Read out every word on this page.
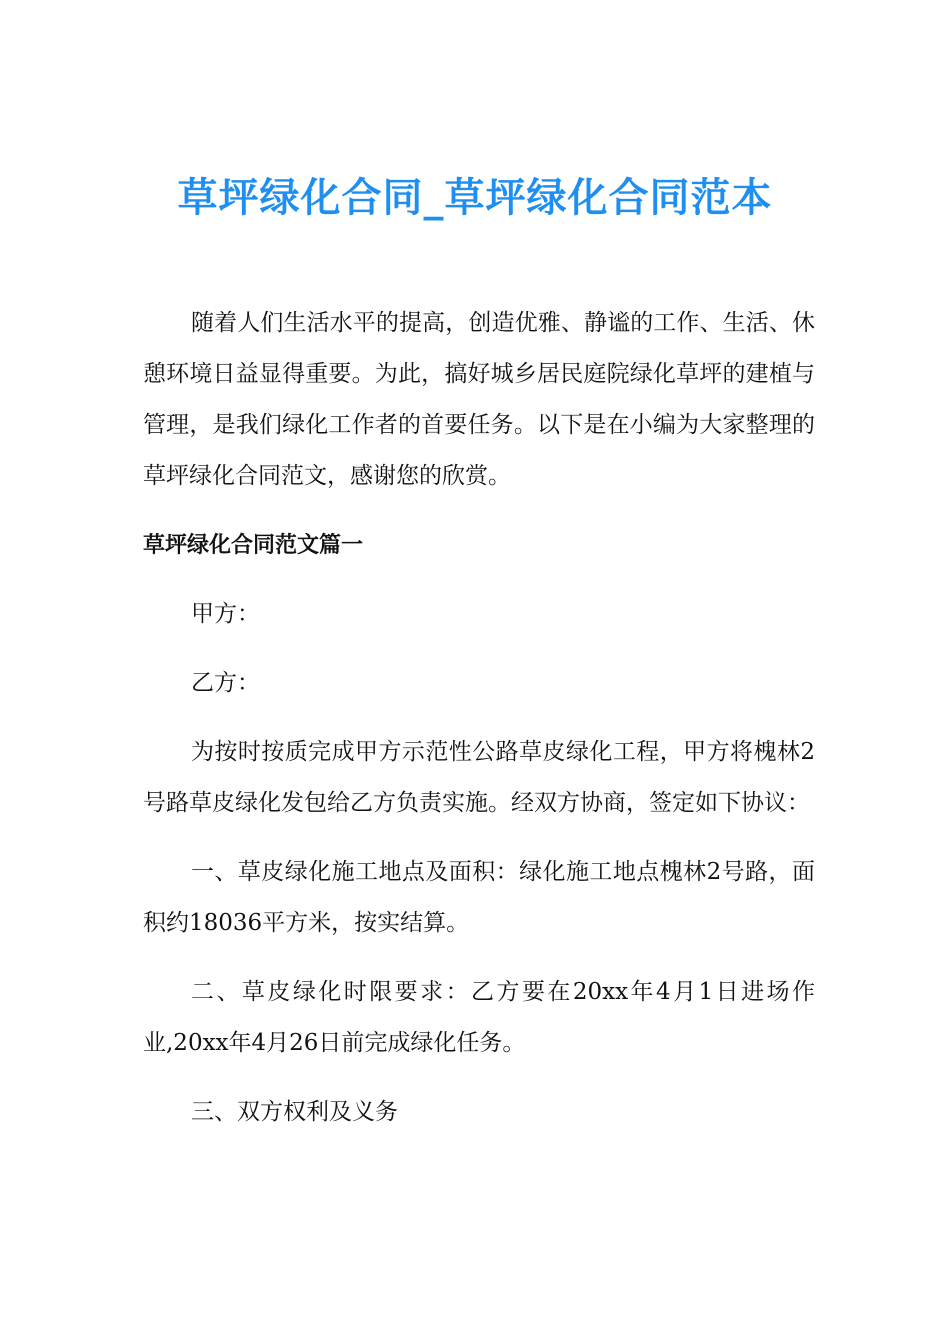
草坪绿化合同_草坪绿化合同范本

随着人们生活水平的提高，创造优雅、静谧的工作、生活、休憩环境日益显得重要。为此，搞好城乡居民庭院绿化草坪的建植与管理，是我们绿化工作者的首要任务。以下是在小编为大家整理的草坪绿化合同范文，感谢您的欣赏。

草坪绿化合同范文篇一

甲方：

乙方：

为按时按质完成甲方示范性公路草皮绿化工程，甲方将槐林2号路草皮绿化发包给乙方负责实施。经双方协商，签定如下协议：

一、草皮绿化施工地点及面积：绿化施工地点槐林2号路，面积约18036平方米，按实结算。

二、草皮绿化时限要求：乙方要在20xx年4月1日进场作业,20xx年4月26日前完成绿化任务。

三、双方权利及义务
